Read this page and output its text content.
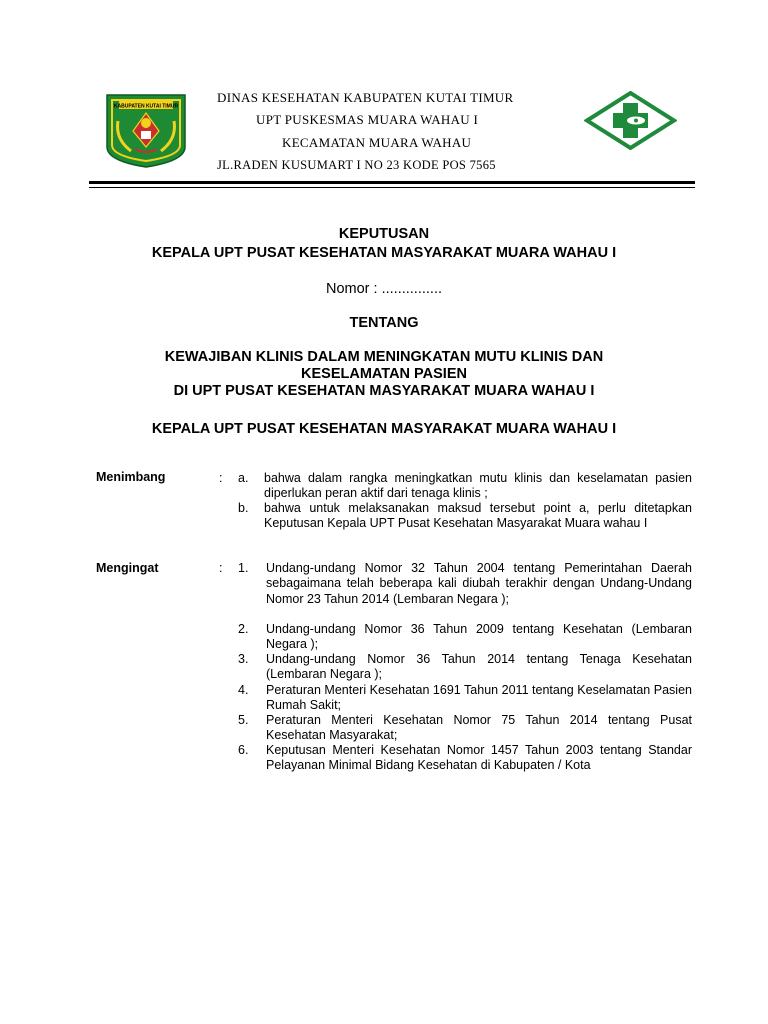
KABUPATEN KUTAI TIMUR
DINAS KESEHATAN KABUPATEN KUTAI TIMUR
UPT PUSKESMAS MUARA WAHAU I
KECAMATAN MUARA WAHAU
JL.RADEN KUSUMART I NO 23 KODE POS 7565
KEPUTUSAN
KEPALA UPT PUSAT KESEHATAN MASYARAKAT MUARA WAHAU I
Nomor : ...............
TENTANG
KEWAJIBAN KLINIS DALAM MENINGKATAN MUTU KLINIS DAN
KESELAMATAN PASIEN
DI UPT PUSAT KESEHATAN MASYARAKAT MUARA WAHAU I
KEPALA UPT PUSAT KESEHATAN MASYARAKAT MUARA WAHAU I
Menimbang	: a. bahwa dalam rangka meningkatkan mutu klinis dan keselamatan pasien diperlukan peran aktif dari tenaga klinis ;
b. bahwa untuk melaksanakan maksud tersebut point a, perlu ditetapkan Keputusan Kepala UPT Pusat Kesehatan Masyarakat Muara wahau I
Mengingat	: 1. Undang-undang Nomor 32 Tahun 2004 tentang Pemerintahan Daerah sebagaimana telah beberapa kali diubah terakhir dengan Undang-Undang Nomor 23 Tahun 2014 (Lembaran Negara );
2. Undang-undang Nomor 36 Tahun 2009 tentang Kesehatan (Lembaran Negara );
3. Undang-undang Nomor 36 Tahun 2014 tentang Tenaga Kesehatan (Lembaran Negara );
4. Peraturan Menteri Kesehatan 1691 Tahun 2011 tentang Keselamatan Pasien Rumah Sakit;
5. Peraturan Menteri Kesehatan Nomor 75 Tahun 2014 tentang Pusat Kesehatan Masyarakat;
6. Keputusan Menteri Kesehatan Nomor 1457 Tahun 2003 tentang Standar Pelayanan Minimal Bidang Kesehatan di Kabupaten / Kota
